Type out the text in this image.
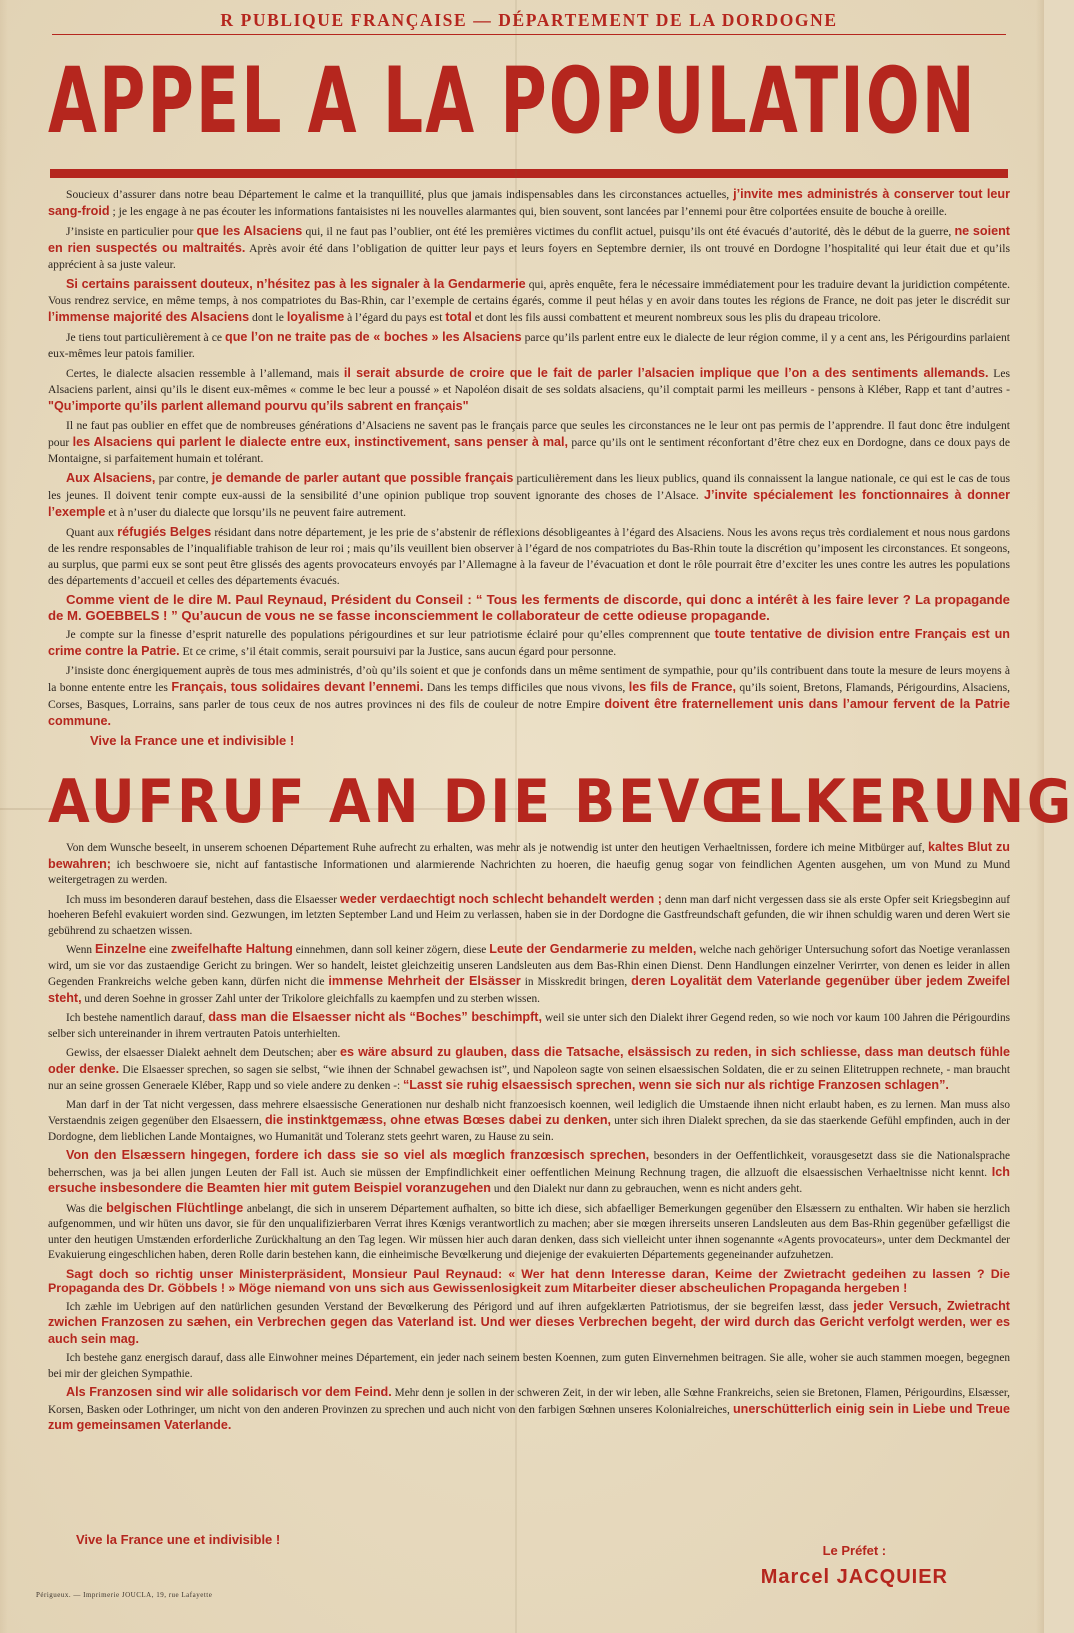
R PUBLIQUE FRANÇAISE — DÉPARTEMENT DE LA DORDOGNE
APPEL A LA POPULATION

Soucieux d’assurer dans notre beau Département le calme et la tranquillité, plus que jamais indispensables dans les circonstances actuelles, j’invite mes administrés à conserver tout leur sang-froid ; je les engage à ne pas écouter les informations fantaisistes ni les nouvelles alarmantes qui, bien souvent, sont lancées par l’ennemi pour être colportées ensuite de bouche à oreille.

J’insiste en particulier pour que les Alsaciens qui, il ne faut pas l’oublier, ont été les premières victimes du conflit actuel, puisqu’ils ont été évacués d’autorité, dès le début de la guerre, ne soient en rien suspectés ou maltraités. Après avoir été dans l’obligation de quitter leur pays et leurs foyers en Septembre dernier, ils ont trouvé en Dordogne l’hospitalité qui leur était due et qu’ils apprécient à sa juste valeur.

Si certains paraissent douteux, n’hésitez pas à les signaler à la Gendarmerie qui, après enquête, fera le nécessaire immédiatement pour les traduire devant la juridiction compétente. Vous rendrez service, en même temps, à nos compatriotes du Bas-Rhin, car l’exemple de certains égarés, comme il peut hélas y en avoir dans toutes les régions de France, ne doit pas jeter le discrédit sur l’immense majorité des Alsaciens dont le loyalisme à l’égard du pays est total et dont les fils aussi combattent et meurent nombreux sous les plis du drapeau tricolore.

Je tiens tout particulièrement à ce que l’on ne traite pas de « boches » les Alsaciens parce qu’ils parlent entre eux le dialecte de leur région comme, il y a cent ans, les Périgourdins parlaient eux-mêmes leur patois familier.

Certes, le dialecte alsacien ressemble à l’allemand, mais il serait absurde de croire que le fait de parler l’alsacien implique que l’on a des sentiments allemands. Les Alsaciens parlent, ainsi qu’ils le disent eux-mêmes « comme le bec leur a poussé » et Napoléon disait de ses soldats alsaciens, qu’il comptait parmi les meilleurs - pensons à Kléber, Rapp et tant d’autres - "Qu’importe qu’ils parlent allemand pourvu qu’ils sabrent en français"

Il ne faut pas oublier en effet que de nombreuses générations d’Alsaciens ne savent pas le français parce que seules les circonstances ne le leur ont pas permis de l’apprendre. Il faut donc être indulgent pour les Alsaciens qui parlent le dialecte entre eux, instinctivement, sans penser à mal, parce qu’ils ont le sentiment réconfortant d’être chez eux en Dordogne, dans ce doux pays de Montaigne, si parfaitement humain et tolérant.

Aux Alsaciens, par contre, je demande de parler autant que possible français particulièrement dans les lieux publics, quand ils connaissent la langue nationale, ce qui est le cas de tous les jeunes. Il doivent tenir compte eux-aussi de la sensibilité d’une opinion publique trop souvent ignorante des choses de l’Alsace. J’invite spécialement les fonctionnaires à donner l’exemple et à n’user du dialecte que lorsqu’ils ne peuvent faire autrement.

Quant aux réfugiés Belges résidant dans notre département, je les prie de s’abstenir de réflexions désobligeantes à l’égard des Alsaciens. Nous les avons reçus très cordialement et nous nous gardons de les rendre responsables de l’inqualifiable trahison de leur roi ; mais qu’ils veuillent bien observer à l’égard de nos compatriotes du Bas-Rhin toute la discrétion qu’imposent les circonstances. Et songeons, au surplus, que parmi eux se sont peut être glissés des agents provocateurs envoyés par l’Allemagne à la faveur de l’évacuation et dont le rôle pourrait être d’exciter les unes contre les autres les populations des départements d’accueil et celles des départements évacués.

Comme vient de le dire M. Paul Reynaud, Président du Conseil : “ Tous les ferments de discorde, qui donc a intérêt à les faire lever ? La propagande de M. GOEBBELS ! ” Qu’aucun de vous ne se fasse inconsciemment le collaborateur de cette odieuse propagande.

Je compte sur la finesse d’esprit naturelle des populations périgourdines et sur leur patriotisme éclairé pour qu’elles comprennent que toute tentative de division entre Français est un crime contre la Patrie. Et ce crime, s’il était commis, serait poursuivi par la Justice, sans aucun égard pour personne.

J’insiste donc énergiquement auprès de tous mes administrés, d’où qu’ils soient et que je confonds dans un même sentiment de sympathie, pour qu’ils contribuent dans toute la mesure de leurs moyens à la bonne entente entre les Français, tous solidaires devant l’ennemi. Dans les temps difficiles que nous vivons, les fils de France, qu’ils soient, Bretons, Flamands, Périgourdins, Alsaciens, Corses, Basques, Lorrains, sans parler de tous ceux de nos autres provinces ni des fils de couleur de notre Empire doivent être fraternellement unis dans l’amour fervent de la Patrie commune.

Vive la France une et indivisible !
AUFRUF AN DIE BEVŒLKERUNG

Von dem Wunsche beseelt, in unserem schoenen Département Ruhe aufrecht zu erhalten, was mehr als je notwendig ist unter den heutigen Verhaeltnissen, fordere ich meine Mitbürger auf, kaltes Blut zu bewahren; ich beschwoere sie, nicht auf fantastische Informationen und alarmierende Nachrichten zu hoeren, die haeufig genug sogar von feindlichen Agenten ausgehen, um von Mund zu Mund weitergetragen zu werden.

Ich muss im besonderen darauf bestehen, dass die Elsaesser weder verdaechtigt noch schlecht behandelt werden ; denn man darf nicht vergessen dass sie als erste Opfer seit Kriegsbeginn auf hoeheren Befehl evakuiert worden sind. Gezwungen, im letzten September Land und Heim zu verlassen, haben sie in der Dordogne die Gastfreundschaft gefunden, die wir ihnen schuldig waren und deren Wert sie gebührend zu schaetzen wissen.

Wenn Einzelne eine zweifelhafte Haltung einnehmen, dann soll keiner zögern, diese Leute der Gendarmerie zu melden, welche nach gehöriger Untersuchung sofort das Noetige veranlassen wird, um sie vor das zustaendige Gericht zu bringen. Wer so handelt, leistet gleichzeitig unseren Landsleuten aus dem Bas-Rhin einen Dienst. Denn Handlungen einzelner Verirrter, von denen es leider in allen Gegenden Frankreichs welche geben kann, dürfen nicht die immense Mehrheit der Elsässer in Misskredit bringen, deren Loyalität dem Vaterlande gegenüber über jedem Zweifel steht, und deren Soehne in grosser Zahl unter der Trikolore gleichfalls zu kaempfen und zu sterben wissen.

Ich bestehe namentlich darauf, dass man die Elsaesser nicht als “Boches” beschimpft, weil sie unter sich den Dialekt ihrer Gegend reden, so wie noch vor kaum 100 Jahren die Périgourdins selber sich untereinander in ihrem vertrauten Patois unterhielten.

Gewiss, der elsaesser Dialekt aehnelt dem Deutschen; aber es wäre absurd zu glauben, dass die Tatsache, elsässisch zu reden, in sich schliesse, dass man deutsch fühle oder denke. Die Elsaesser sprechen, so sagen sie selbst, “wie ihnen der Schnabel gewachsen ist”, und Napoleon sagte von seinen elsaessischen Soldaten, die er zu seinen Elitetruppen rechnete, - man braucht nur an seine grossen Generaele Kléber, Rapp und so viele andere zu denken -: “Lasst sie ruhig elsaessisch sprechen, wenn sie sich nur als richtige Franzosen schlagen”.

Man darf in der Tat nicht vergessen, dass mehrere elsaessische Generationen nur deshalb nicht franzoesisch koennen, weil lediglich die Umstaende ihnen nicht erlaubt haben, es zu lernen. Man muss also Verstaendnis zeigen gegenüber den Elsaessern, die instinktgemæss, ohne etwas Bœses dabei zu denken, unter sich ihren Dialekt sprechen, da sie das staerkende Gefühl empfinden, auch in der Dordogne, dem lieblichen Lande Montaignes, wo Humanität und Toleranz stets geehrt waren, zu Hause zu sein.

Von den Elsæssern hingegen, fordere ich dass sie so viel als mœglich franzœsisch sprechen, besonders in der Oeffentlichkeit, vorausgesetzt dass sie die Nationalsprache beherrschen, was ja bei allen jungen Leuten der Fall ist. Auch sie müssen der Empfindlichkeit einer oeffentlichen Meinung Rechnung tragen, die allzuoft die elsaessischen Verhaeltnisse nicht kennt. Ich ersuche insbesondere die Beamten hier mit gutem Beispiel voranzugehen und den Dialekt nur dann zu gebrauchen, wenn es nicht anders geht.

Was die belgischen Flüchtlinge anbelangt, die sich in unserem Département aufhalten, so bitte ich diese, sich abfaelliger Bemerkungen gegenüber den Elsæssern zu enthalten. Wir haben sie herzlich aufgenommen, und wir hüten uns davor, sie für den unqualifizierbaren Verrat ihres Kœnigs verantwortlich zu machen; aber sie mœgen ihrerseits unseren Landsleuten aus dem Bas-Rhin gegenüber gefælligst die unter den heutigen Umstænden erforderliche Zurückhaltung an den Tag legen. Wir müssen hier auch daran denken, dass sich vielleicht unter ihnen sogenannte «Agents provocateurs», unter dem Deckmantel der Evakuierung eingeschlichen haben, deren Rolle darin bestehen kann, die einheimische Bevœlkerung und diejenige der evakuierten Départements gegeneinander aufzuhetzen.

Sagt doch so richtig unser Ministerpräsident, Monsieur Paul Reynaud: « Wer hat denn Interesse daran, Keime der Zwietracht gedeihen zu lassen ? Die Propaganda des Dr. Göbbels ! » Möge niemand von uns sich aus Gewissenlosigkeit zum Mitarbeiter dieser abscheulichen Propaganda hergeben !

Ich zæhle im Uebrigen auf den natürlichen gesunden Verstand der Bevœlkerung des Périgord und auf ihren aufgeklærten Patriotismus, der sie begreifen læsst, dass jeder Versuch, Zwietracht zwichen Franzosen zu sæhen, ein Verbrechen gegen das Vaterland ist. Und wer dieses Verbrechen begeht, der wird durch das Gericht verfolgt werden, wer es auch sein mag.

Ich bestehe ganz energisch darauf, dass alle Einwohner meines Département, ein jeder nach seinem besten Koennen, zum guten Einvernehmen beitragen. Sie alle, woher sie auch stammen moegen, begegnen bei mir der gleichen Sympathie.

Als Franzosen sind wir alle solidarisch vor dem Feind. Mehr denn je sollen in der schweren Zeit, in der wir leben, alle Sœhne Frankreichs, seien sie Bretonen, Flamen, Périgourdins, Elsæsser, Korsen, Basken oder Lothringer, um nicht von den anderen Provinzen zu sprechen und auch nicht von den farbigen Sœhnen unseres Kolonialreiches, unerschütterlich einig sein in Liebe und Treue zum gemeinsamen Vaterlande.

Vive la France une et indivisible !
Le Préfet :
Marcel JACQUIER
Périgueux. — Imprimerie JOUCLA, 19, rue Lafayette
